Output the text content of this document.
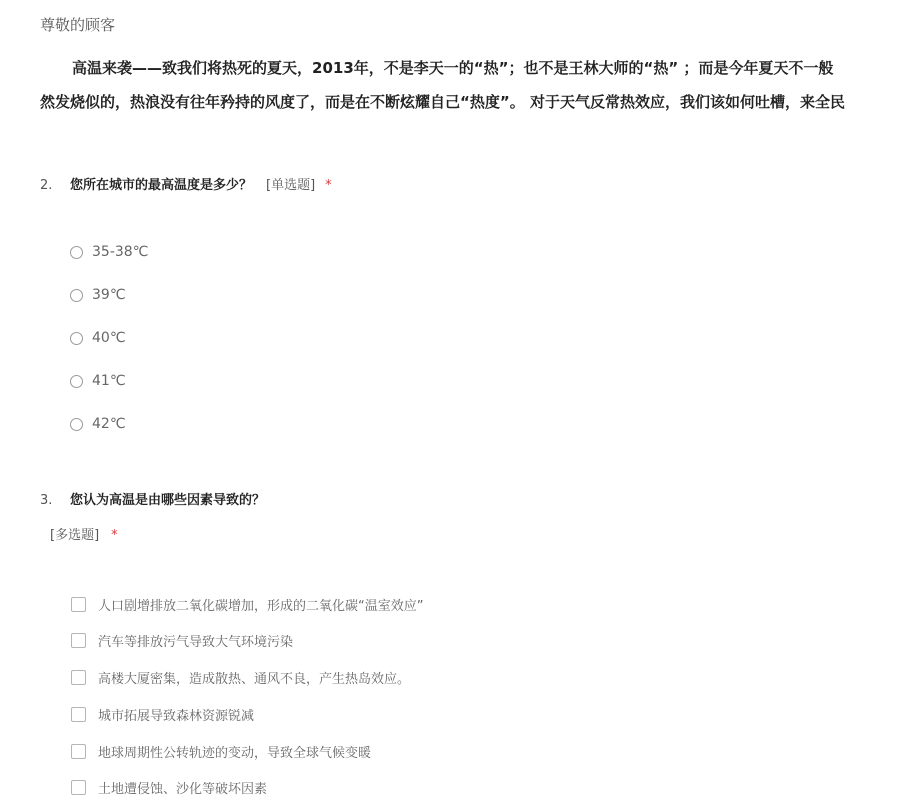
尊敬的顾客
高温来袭——致我们将热死的夏天，2013年，不是李天一的“热”；也不是王林大师的“热” ；而是今年夏天不一般
然发烧似的，热浪没有往年矜持的风度了，而是在不断炫耀自己“热度”。 对于天气反常热效应，我们该如何吐槽，来全民
2. 您所在城市的最高温度是多少？ [单选题] *
35-38℃
39℃
40℃
41℃
42℃
3. 您认为高温是由哪些因素导致的？
[多选题] *
人口剧增排放二氧化碳增加，形成的二氧化碳“温室效应”
汽车等排放污气导致大气环境污染
高楼大厦密集，造成散热、通风不良，产生热岛效应。
城市拓展导致森林资源锐减
地球周期性公转轨迹的变动，导致全球气候变暖
土地遭侵蚀、沙化等破坏因素
